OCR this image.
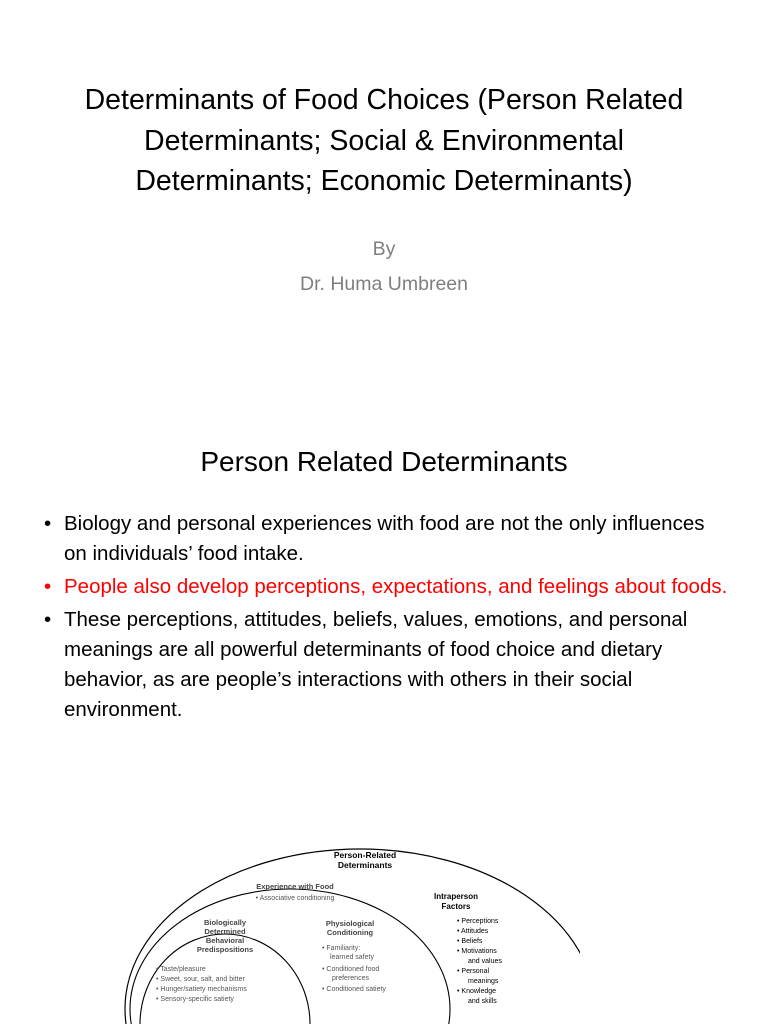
Determinants of Food Choices (Person Related
Determinants; Social & Environmental
Determinants; Economic Determinants)
By
Dr. Huma Umbreen
Person Related Determinants
• Biology and personal experiences with food are not the only influences on individuals’ food intake.
• People also develop perceptions, expectations, and feelings about foods.
• These perceptions, attitudes, beliefs, values, emotions, and personal meanings are all powerful determinants of food choice and dietary behavior, as are people’s interactions with others in their social environment.
Person-Related
Determinants
Experience with Food
• Associative conditioning
Biologically
Determined
Behavioral
Predispositions
• Taste/pleasure
• Sweet, sour, salt, and bitter
• Hunger/satiety mechanisms
• Sensory-specific satiety
Physiological
Conditioning
• Familiarity:
learned safety
• Conditioned food
preferences
• Conditioned satiety
Intraperson
Factors
• Perceptions
• Attitudes
• Beliefs
• Motivations
and values
• Personal
meanings
• Knowledge
and skills
